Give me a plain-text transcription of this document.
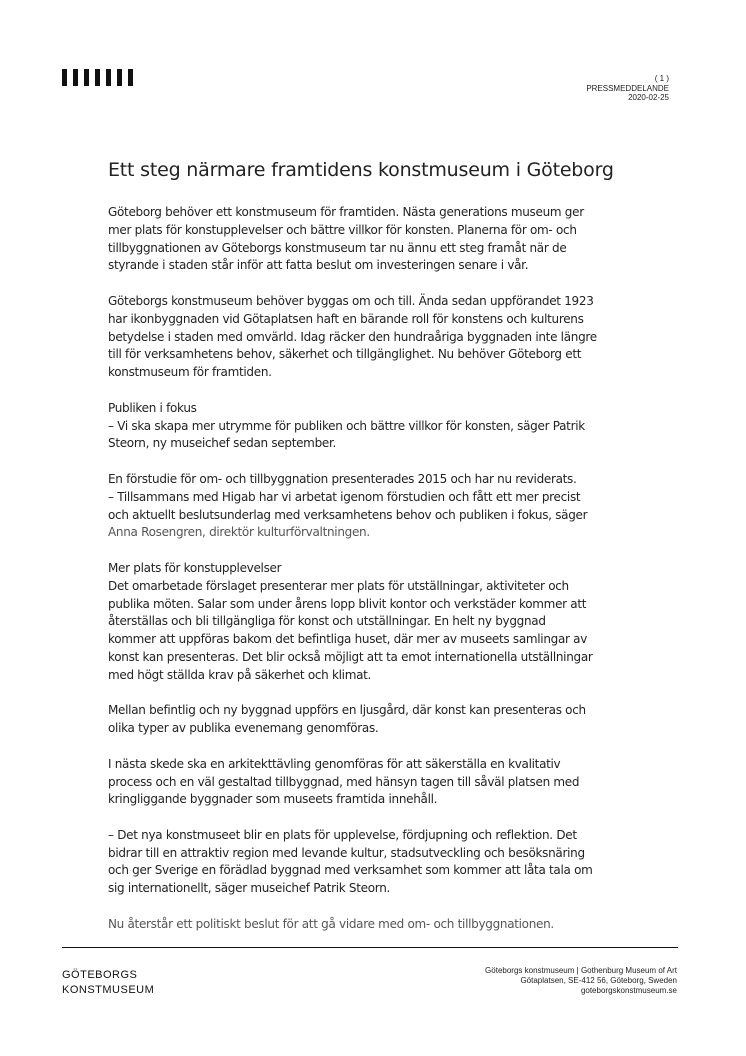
( 1 )
PRESSMEDDELANDE
2020-02-25
Ett steg närmare framtidens konstmuseum i Göteborg

Göteborg behöver ett konstmuseum för framtiden. Nästa generations museum ger
mer plats för konstupplevelser och bättre villkor för konsten. Planerna för om- och
tillbyggnationen av Göteborgs konstmuseum tar nu ännu ett steg framåt när de
styrande i staden står inför att fatta beslut om investeringen senare i vår.

Göteborgs konstmuseum behöver byggas om och till. Ända sedan uppförandet 1923
har ikonbyggnaden vid Götaplatsen haft en bärande roll för konstens och kulturens
betydelse i staden med omvärld. Idag räcker den hundraåriga byggnaden inte längre
till för verksamhetens behov, säkerhet och tillgänglighet. Nu behöver Göteborg ett
konstmuseum för framtiden.

Publiken i fokus
– Vi ska skapa mer utrymme för publiken och bättre villkor för konsten, säger Patrik
Steorn, ny museichef sedan september.

En förstudie för om- och tillbyggnation presenterades 2015 och har nu reviderats.
– Tillsammans med Higab har vi arbetat igenom förstudien och fått ett mer precist
och aktuellt beslutsunderlag med verksamhetens behov och publiken i fokus, säger
Anna Rosengren, direktör kulturförvaltningen.

Mer plats för konstupplevelser
Det omarbetade förslaget presenterar mer plats för utställningar, aktiviteter och
publika möten. Salar som under årens lopp blivit kontor och verkstäder kommer att
återställas och bli tillgängliga för konst och utställningar. En helt ny byggnad
kommer att uppföras bakom det befintliga huset, där mer av museets samlingar av
konst kan presenteras. Det blir också möjligt att ta emot internationella utställningar
med högt ställda krav på säkerhet och klimat.

Mellan befintlig och ny byggnad uppförs en ljusgård, där konst kan presenteras och
olika typer av publika evenemang genomföras.

I nästa skede ska en arkitekttävling genomföras för att säkerställa en kvalitativ
process och en väl gestaltad tillbyggnad, med hänsyn tagen till såväl platsen med
kringliggande byggnader som museets framtida innehåll.

– Det nya konstmuseet blir en plats för upplevelse, fördjupning och reflektion. Det
bidrar till en attraktiv region med levande kultur, stadsutveckling och besöksnäring
och ger Sverige en förädlad byggnad med verksamhet som kommer att låta tala om
sig internationellt, säger museichef Patrik Steorn.

Nu återstår ett politiskt beslut för att gå vidare med om- och tillbyggnationen.

GÖTEBORGS
KONSTMUSEUM
Göteborgs konstmuseum | Gothenburg Museum of Art
Götaplatsen, SE-412 56, Göteborg, Sweden
goteborgskonstmuseum.se
